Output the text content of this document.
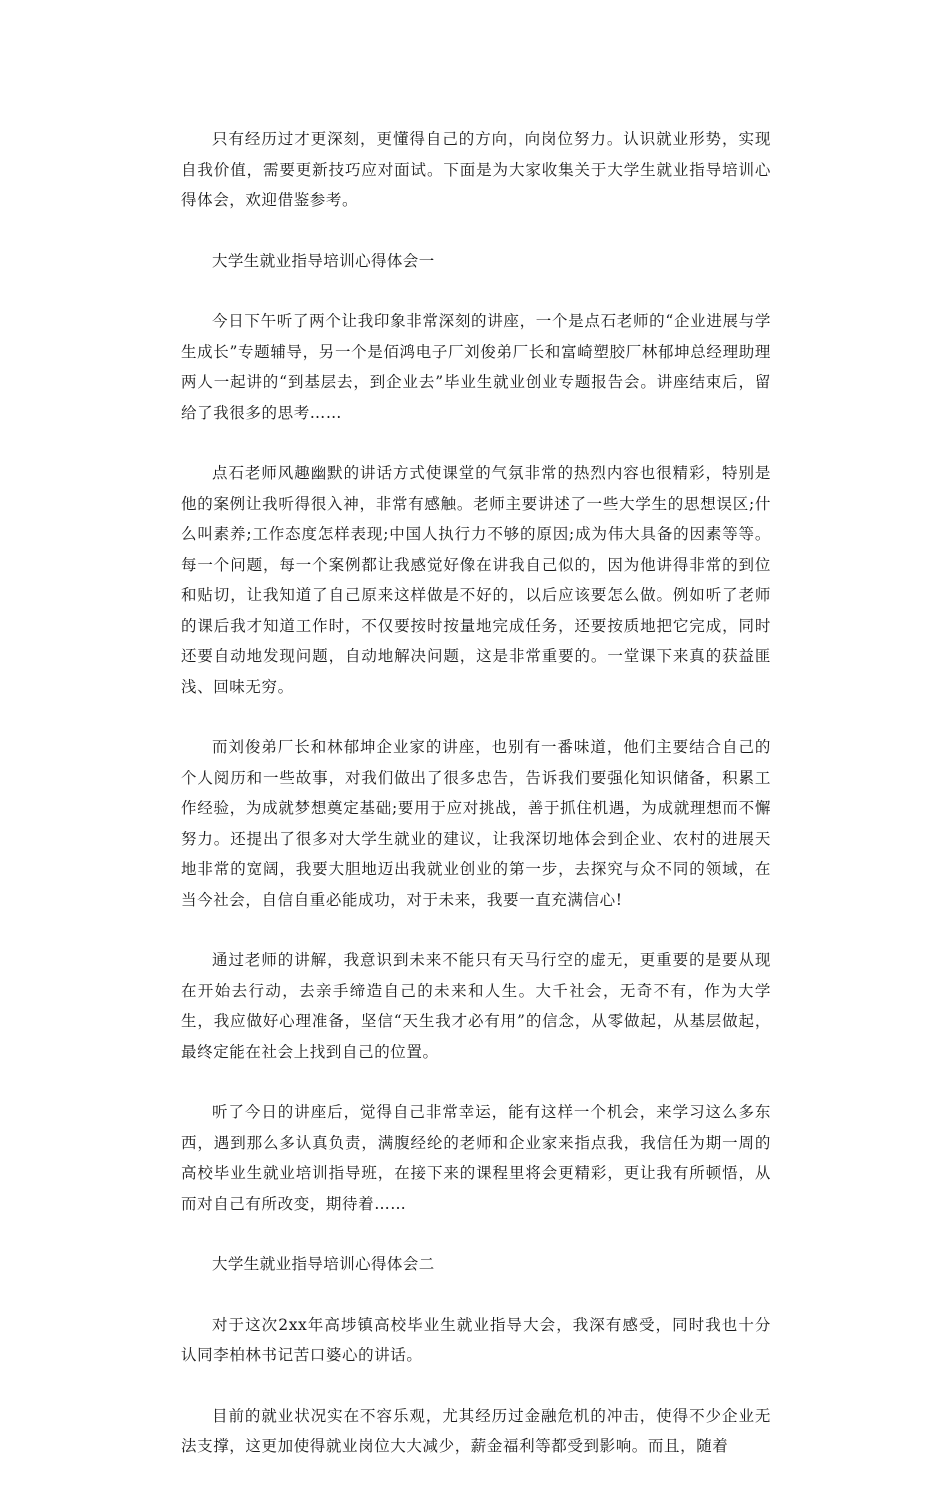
只有经历过才更深刻，更懂得自己的方向，向岗位努力。认识就业形势，实现自我价值，需要更新技巧应对面试。下面是为大家收集关于大学生就业指导培训心得体会，欢迎借鉴参考。

大学生就业指导培训心得体会一

今日下午听了两个让我印象非常深刻的讲座，一个是点石老师的“企业进展与学生成长”专题辅导，另一个是佰鸿电子厂刘俊弟厂长和富崎塑胶厂林郁坤总经理助理两人一起讲的“到基层去，到企业去”毕业生就业创业专题报告会。讲座结束后，留给了我很多的思考……

点石老师风趣幽默的讲话方式使课堂的气氛非常的热烈内容也很精彩，特别是他的案例让我听得很入神，非常有感触。老师主要讲述了一些大学生的思想误区;什么叫素养;工作态度怎样表现;中国人执行力不够的原因;成为伟大具备的因素等等。每一个问题，每一个案例都让我感觉好像在讲我自己似的，因为他讲得非常的到位和贴切，让我知道了自己原来这样做是不好的，以后应该要怎么做。例如听了老师的课后我才知道工作时，不仅要按时按量地完成任务，还要按质地把它完成，同时还要自动地发现问题，自动地解决问题，这是非常重要的。一堂课下来真的获益匪浅、回味无穷。

而刘俊弟厂长和林郁坤企业家的讲座，也别有一番味道，他们主要结合自己的个人阅历和一些故事，对我们做出了很多忠告，告诉我们要强化知识储备，积累工作经验，为成就梦想奠定基础;要用于应对挑战，善于抓住机遇，为成就理想而不懈努力。还提出了很多对大学生就业的建议，让我深切地体会到企业、农村的进展天地非常的宽阔，我要大胆地迈出我就业创业的第一步，去探究与众不同的领域，在当今社会，自信自重必能成功，对于未来，我要一直充满信心!

通过老师的讲解，我意识到未来不能只有天马行空的虚无，更重要的是要从现在开始去行动，去亲手缔造自己的未来和人生。大千社会，无奇不有，作为大学生，我应做好心理准备，坚信“天生我才必有用”的信念，从零做起，从基层做起，最终定能在社会上找到自己的位置。

听了今日的讲座后，觉得自己非常幸运，能有这样一个机会，来学习这么多东西，遇到那么多认真负责，满腹经纶的老师和企业家来指点我，我信任为期一周的高校毕业生就业培训指导班，在接下来的课程里将会更精彩，更让我有所顿悟，从而对自己有所改变，期待着……

大学生就业指导培训心得体会二

对于这次2xx年高埗镇高校毕业生就业指导大会，我深有感受，同时我也十分认同李柏林书记苦口婆心的讲话。

目前的就业状况实在不容乐观，尤其经历过金融危机的冲击，使得不少企业无法支撑，这更加使得就业岗位大大减少，薪金福利等都受到影响。而且，随着
